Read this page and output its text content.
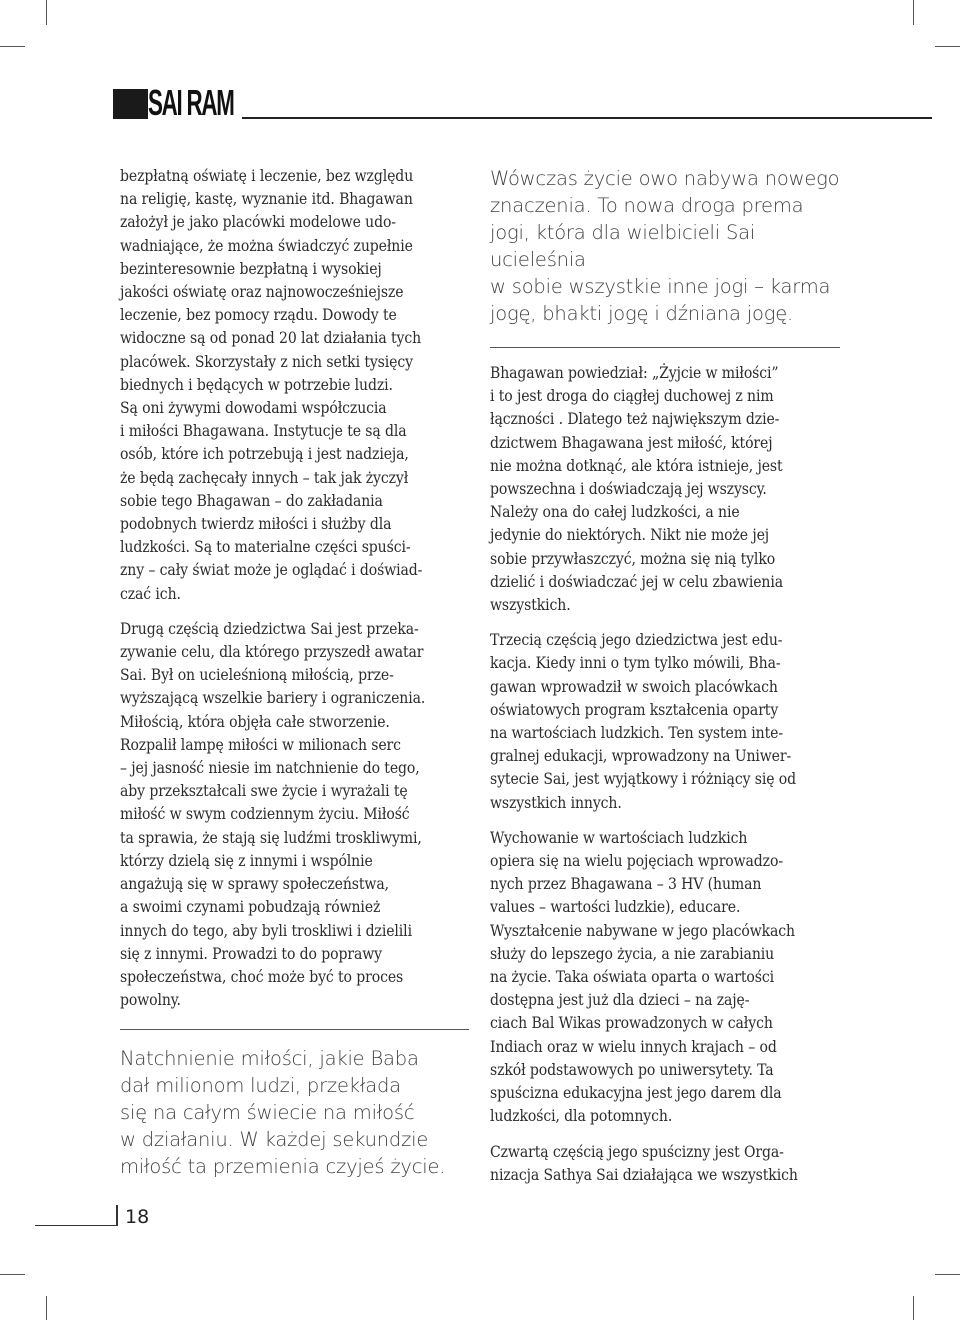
SAI RAM

bezpłatną oświatę i leczenie, bez względu
na religię, kastę, wyznanie itd. Bhagawan
założył je jako placówki modelowe udo-
wadniające, że można świadczyć zupełnie
bezinteresownie bezpłatną i wysokiej
jakości oświatę oraz najnowocześniejsze
leczenie, bez pomocy rządu. Dowody te
widoczne są od ponad 20 lat działania tych
placówek. Skorzystały z nich setki tysięcy
biednych i będących w potrzebie ludzi.
Są oni żywymi dowodami współczucia
i miłości Bhagawana. Instytucje te są dla
osób, które ich potrzebują i jest nadzieja,
że będą zachęcały innych – tak jak życzył
sobie tego Bhagawan – do zakładania
podobnych twierdz miłości i służby dla
ludzkości. Są to materialne części spuści-
zny – cały świat może je oglądać i doświad-
czać ich.

Drugą częścią dziedzictwa Sai jest przeka-
zywanie celu, dla którego przyszedł awatar
Sai. Był on ucieleśnioną miłością, prze-
wyższającą wszelkie bariery i ograniczenia.
Miłością, która objęła całe stworzenie.
Rozpalił lampę miłości w milionach serc
– jej jasność niesie im natchnienie do tego,
aby przekształcali swe życie i wyrażali tę
miłość w swym codziennym życiu. Miłość
ta sprawia, że stają się ludźmi troskliwymi,
którzy dzielą się z innymi i wspólnie
angażują się w sprawy społeczeństwa,
a swoimi czynami pobudzają również
innych do tego, aby byli troskliwi i dzielili
się z innymi. Prowadzi to do poprawy
społeczeństwa, choć może być to proces
powolny.

Natchnienie miłości, jakie Baba
dał milionom ludzi, przekłada
się na całym świecie na miłość
w działaniu. W każdej sekundzie
miłość ta przemienia czyjeś życie.

Wówczas życie owo nabywa nowego
znaczenia. To nowa droga prema
jogi, która dla wielbicieli Sai ucieleśnia
w sobie wszystkie inne jogi – karma
jogę, bhakti jogę i dźniana jogę.

Bhagawan powiedział: „Żyjcie w miłości”
i to jest droga do ciągłej duchowej z nim
łączności . Dlatego też największym dzie-
dzictwem Bhagawana jest miłość, której
nie można dotknąć, ale która istnieje, jest
powszechna i doświadczają jej wszyscy.
Należy ona do całej ludzkości, a nie
jedynie do niektórych. Nikt nie może jej
sobie przywłaszczyć, można się nią tylko
dzielić i doświadczać jej w celu zbawienia
wszystkich.

Trzecią częścią jego dziedzictwa jest edu-
kacja. Kiedy inni o tym tylko mówili, Bha-
gawan wprowadził w swoich placówkach
oświatowych program kształcenia oparty
na wartościach ludzkich. Ten system inte-
gralnej edukacji, wprowadzony na Uniwer-
sytecie Sai, jest wyjątkowy i różniący się od
wszystkich innych.

Wychowanie w wartościach ludzkich
opiera się na wielu pojęciach wprowadzo-
nych przez Bhagawana – 3 HV (human
values – wartości ludzkie), educare.
Wyształcenie nabywane w jego placówkach
służy do lepszego życia, a nie zarabianiu
na życie. Taka oświata oparta o wartości
dostępna jest już dla dzieci – na zaję-
ciach Bal Wikas prowadzonych w całych
Indiach oraz w wielu innych krajach – od
szkół podstawowych po uniwersytety. Ta
spuścizna edukacyjna jest jego darem dla
ludzkości, dla potomnych.

Czwartą częścią jego spuścizny jest Orga-
nizacja Sathya Sai działająca we wszystkich

18
